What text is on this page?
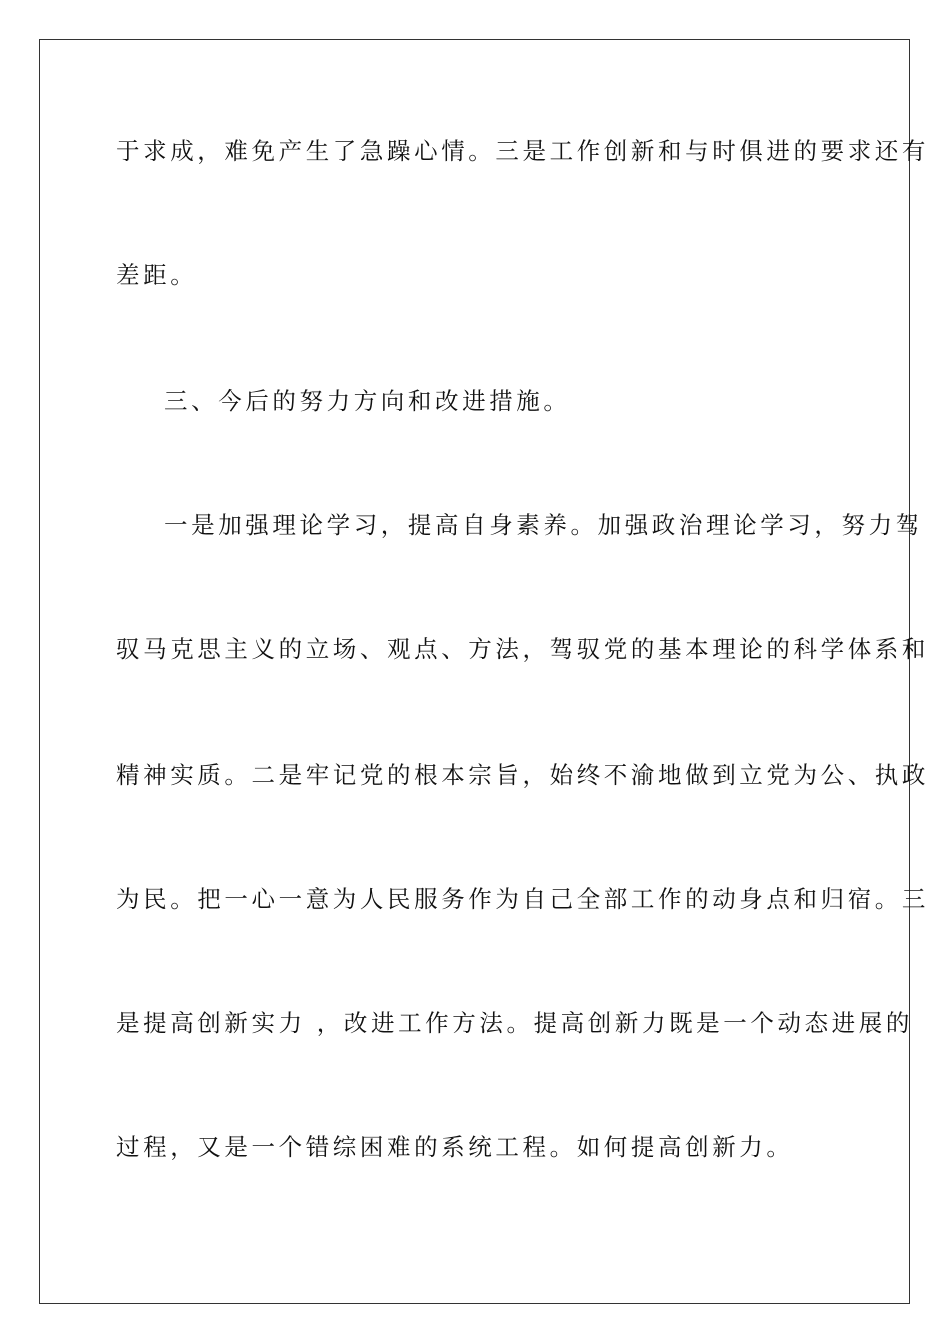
于求成，难免产生了急躁心情。三是工作创新和与时俱进的要求还有
差距。
三、今后的努力方向和改进措施。
一是加强理论学习，提高自身素养。加强政治理论学习，努力驾
驭马克思主义的立场、观点、方法，驾驭党的基本理论的科学体系和
精神实质。二是牢记党的根本宗旨，始终不渝地做到立党为公、执政
为民。把一心一意为人民服务作为自己全部工作的动身点和归宿。三
是提高创新实力 ，改进工作方法。提高创新力既是一个动态进展的
过程，又是一个错综困难的系统工程。如何提高创新力。
